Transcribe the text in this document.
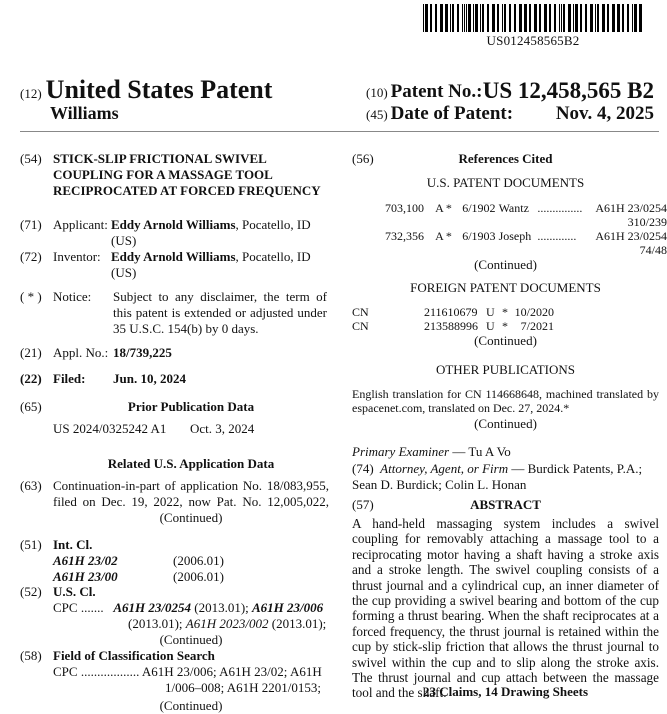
US012458565B2
(12) United States Patent
Williams
(10) Patent No.: US 12,458,565 B2
(45) Date of Patent: Nov. 4, 2025
(54) STICK-SLIP FRICTIONAL SWIVEL
COUPLING FOR A MASSAGE TOOL
RECIPROCATED AT FORCED FREQUENCY
(71) Applicant: Eddy Arnold Williams, Pocatello, ID
(US)
(72) Inventor: Eddy Arnold Williams, Pocatello, ID
(US)
( * ) Notice: Subject to any disclaimer, the term of this patent is extended or adjusted under 35 U.S.C. 154(b) by 0 days.
(21) Appl. No.: 18/739,225
(22) Filed: Jun. 10, 2024
(65)	Prior Publication Data
US 2024/0325242 A1 Oct. 3, 2024
Related U.S. Application Data
(63) Continuation-in-part of application No. 18/083,955, filed on Dec. 19, 2022, now Pat. No. 12,005,022,
(Continued)
(51) Int. Cl.
A61H 23/02	(2006.01)
A61H 23/00	(2006.01)
(52) U.S. Cl.
CPC ....... A61H 23/0254 (2013.01); A61H 23/006
(2013.01); A61H 2023/002 (2013.01);
(Continued)
(58) Field of Classification Search
CPC .................. A61H 23/006; A61H 23/02; A61H
1/006–008; A61H 2201/0153;
(Continued)
(56)	References Cited
U.S. PATENT DOCUMENTS
703,100	A	*	6/1902	Wantz	...............	A61H 23/0254
310/239

732,356	A	*	6/1903	Joseph	.............	A61H 23/0254
74/48
(Continued)
FOREIGN PATENT DOCUMENTS
CN	211610679	U	*	10/2020
CN	213588996	U	*	7/2021
(Continued)
OTHER PUBLICATIONS
English translation for CN 114668648, machined translated by espacenet.com, translated on Dec. 27, 2024.*
(Continued)
Primary Examiner — Tu A Vo
(74) Attorney, Agent, or Firm — Burdick Patents, P.A.;
Sean D. Burdick; Colin L. Honan
(57)	ABSTRACT
A hand-held massaging system includes a swivel coupling for removably attaching a massage tool to a reciprocating motor having a shaft having a stroke axis and a stroke length. The swivel coupling consists of a thrust journal and a cylindrical cup, an inner diameter of the cup providing a swivel bearing and bottom of the cup forming a thrust bearing. When the shaft reciprocates at a forced frequency, the thrust journal is retained within the cup by stick-slip friction that allows the thrust journal to swivel within the cup and to slip along the stroke axis. The thrust journal and cup attach between the massage tool and the shaft.
23 Claims, 14 Drawing Sheets
